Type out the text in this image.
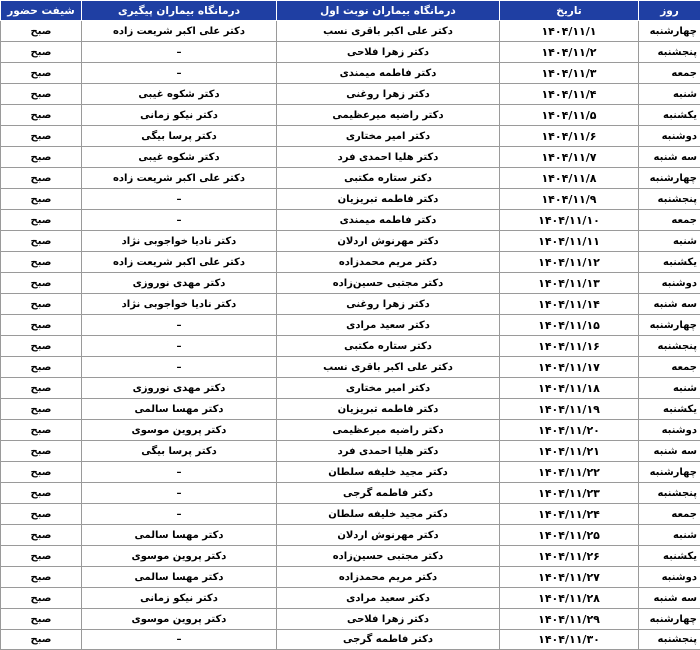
روز	تاریخ	درمانگاه بیماران نوبت اول	درمانگاه بیماران پیگیری	شیفت حضور
چهارشنبه	۱۴۰۴/۱۱/۱	دکتر علی اکبر باقری نسب	دکتر علی اکبر شریعت زاده	صبح
پنجشنبه	۱۴۰۴/۱۱/۲	دکتر زهرا فلاحی	–	صبح
جمعه	۱۴۰۴/۱۱/۳	دکتر فاطمه میمندی	–	صبح
شنبه	۱۴۰۴/۱۱/۴	دکتر زهرا روغنی	دکتر شکوه غیبی	صبح
یکشنبه	۱۴۰۴/۱۱/۵	دکتر راضیه میرعظیمی	دکتر نیکو زمانی	صبح
دوشنبه	۱۴۰۴/۱۱/۶	دکتر امیر مختاری	دکتر پرسا بیگی	صبح
سه شنبه	۱۴۰۴/۱۱/۷	دکتر هلیا احمدی فرد	دکتر شکوه غیبی	صبح
چهارشنبه	۱۴۰۴/۱۱/۸	دکتر ستاره مکتبی	دکتر علی اکبر شریعت زاده	صبح
پنجشنبه	۱۴۰۴/۱۱/۹	دکتر فاطمه تبریزیان	–	صبح
جمعه	۱۴۰۴/۱۱/۱۰	دکتر فاطمه میمندی	–	صبح
شنبه	۱۴۰۴/۱۱/۱۱	دکتر مهرنوش اردلان	دکتر نادیا خواجوبی نژاد	صبح
یکشنبه	۱۴۰۴/۱۱/۱۲	دکتر مریم محمدزاده	دکتر علی اکبر شریعت زاده	صبح
دوشنبه	۱۴۰۴/۱۱/۱۳	دکتر مجتبی حسین‌زاده	دکتر مهدی نوروزی	صبح
سه شنبه	۱۴۰۴/۱۱/۱۴	دکتر زهرا روغنی	دکتر نادیا خواجوبی نژاد	صبح
چهارشنبه	۱۴۰۴/۱۱/۱۵	دکتر سعید مرادی	–	صبح
پنجشنبه	۱۴۰۴/۱۱/۱۶	دکتر ستاره مکتبی	–	صبح
جمعه	۱۴۰۴/۱۱/۱۷	دکتر علی اکبر باقری نسب	–	صبح
شنبه	۱۴۰۴/۱۱/۱۸	دکتر امیر مختاری	دکتر مهدی نوروزی	صبح
یکشنبه	۱۴۰۴/۱۱/۱۹	دکتر فاطمه تبریزیان	دکتر مهسا سالمی	صبح
دوشنبه	۱۴۰۴/۱۱/۲۰	دکتر راضیه میرعظیمی	دکتر پروین موسوی	صبح
سه شنبه	۱۴۰۴/۱۱/۲۱	دکتر هلیا احمدی فرد	دکتر پرسا بیگی	صبح
چهارشنبه	۱۴۰۴/۱۱/۲۲	دکتر مجید خلیفه سلطان	–	صبح
پنجشنبه	۱۴۰۴/۱۱/۲۳	دکتر فاطمه گرجی	–	صبح
جمعه	۱۴۰۴/۱۱/۲۴	دکتر مجید خلیفه سلطان	–	صبح
شنبه	۱۴۰۴/۱۱/۲۵	دکتر مهرنوش اردلان	دکتر مهسا سالمی	صبح
یکشنبه	۱۴۰۴/۱۱/۲۶	دکتر مجتبی حسین‌زاده	دکتر پروین موسوی	صبح
دوشنبه	۱۴۰۴/۱۱/۲۷	دکتر مریم محمدزاده	دکتر مهسا سالمی	صبح
سه شنبه	۱۴۰۴/۱۱/۲۸	دکتر سعید مرادی	دکتر نیکو زمانی	صبح
چهارشنبه	۱۴۰۴/۱۱/۲۹	دکتر زهرا فلاحی	دکتر پروین موسوی	صبح
پنجشنبه	۱۴۰۴/۱۱/۳۰	دکتر فاطمه گرجی	–	صبح
